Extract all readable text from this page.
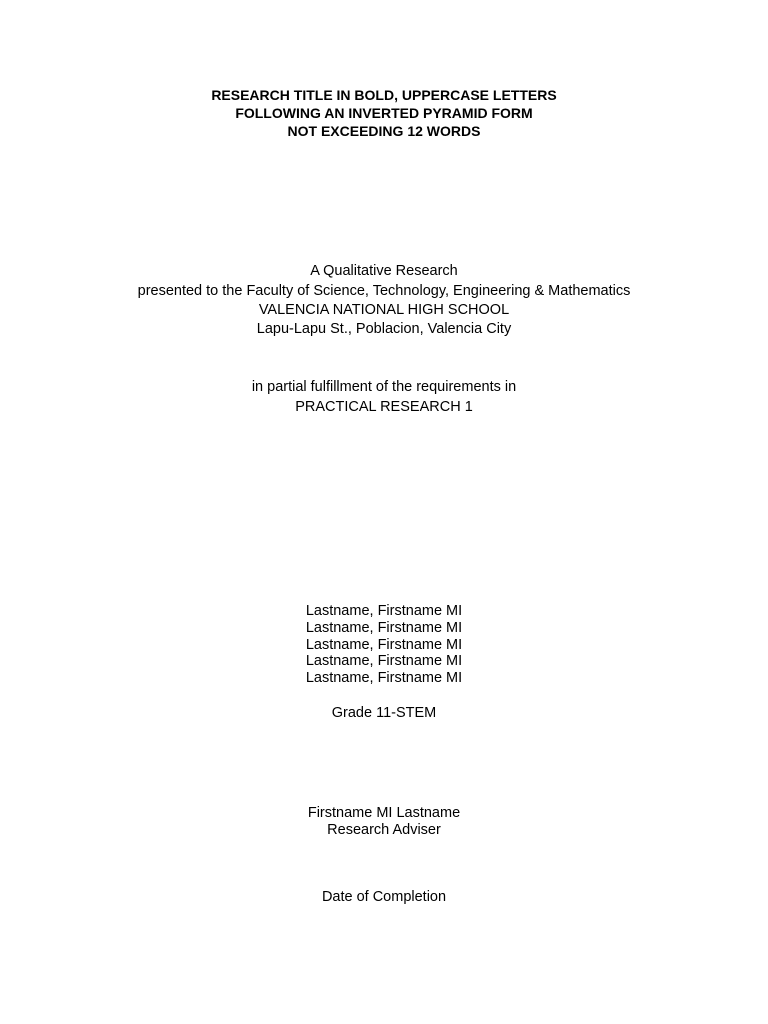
RESEARCH TITLE IN BOLD, UPPERCASE LETTERS
FOLLOWING AN INVERTED PYRAMID FORM
NOT EXCEEDING 12 WORDS
A Qualitative Research
presented to the Faculty of Science, Technology, Engineering & Mathematics
VALENCIA NATIONAL HIGH SCHOOL
Lapu-Lapu St., Poblacion, Valencia City
in partial fulfillment of the requirements in
PRACTICAL RESEARCH 1
Lastname, Firstname MI
Lastname, Firstname MI
Lastname, Firstname MI
Lastname, Firstname MI
Lastname, Firstname MI
Grade 11-STEM
Firstname MI Lastname
Research Adviser
Date of Completion
